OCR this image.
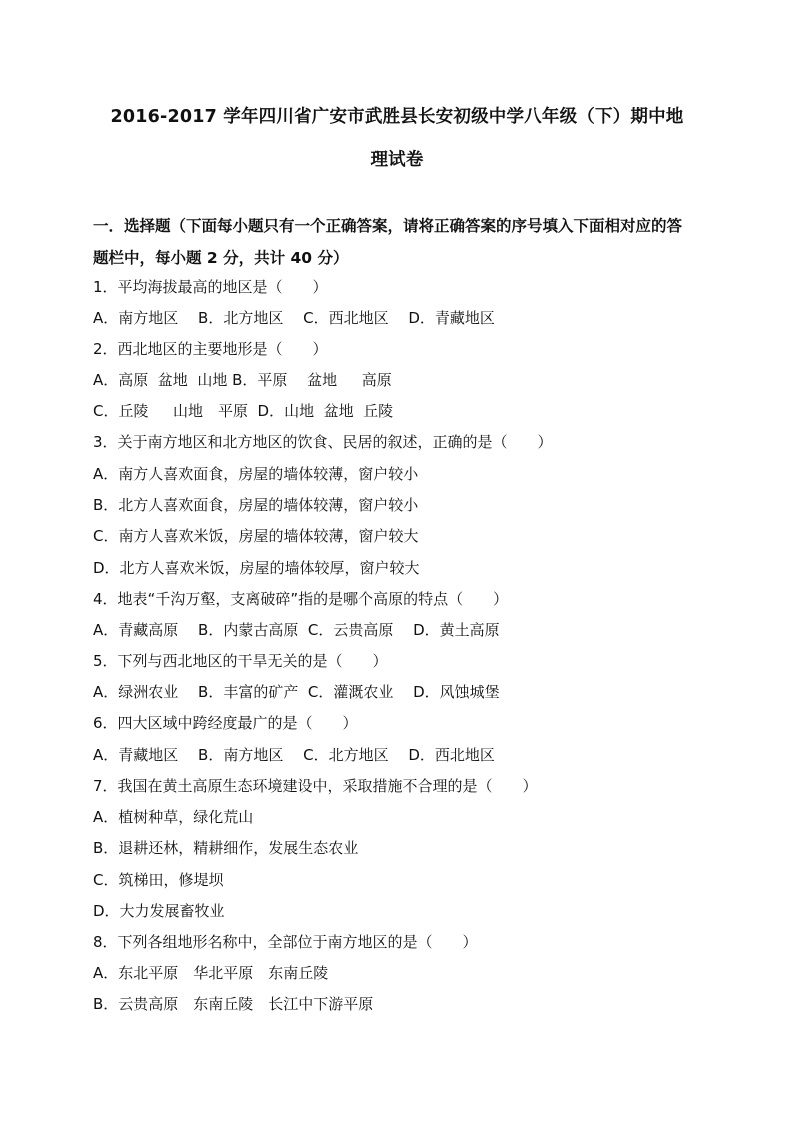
2016-2017 学年四川省广安市武胜县长安初级中学八年级（下）期中地
理试卷
一．选择题（下面每小题只有一个正确答案，请将正确答案的序号填入下面相对应的答
题栏中，每小题 2 分，共计 40 分）
1．平均海拔最高的地区是（　　）
A．南方地区　 B．北方地区　 C．西北地区　 D．青藏地区
2．西北地区的主要地形是（　　）
A．高原  盆地  山地 B．平原　 盆地　  高原
C．丘陵　  山地　平原  D．山地  盆地  丘陵
3．关于南方地区和北方地区的饮食、民居的叙述，正确的是（　　）
A．南方人喜欢面食，房屋的墙体较薄，窗户较小
B．北方人喜欢面食，房屋的墙体较薄，窗户较小
C．南方人喜欢米饭，房屋的墙体较薄，窗户较大
D．北方人喜欢米饭，房屋的墙体较厚，窗户较大
4．地表“千沟万壑，支离破碎”指的是哪个高原的特点（　　）
A．青藏高原　 B．内蒙古高原  C．云贵高原　 D．黄土高原
5．下列与西北地区的干旱无关的是（　　）
A．绿洲农业　 B．丰富的矿产  C．灌溉农业　 D．风蚀城堡
6．四大区域中跨经度最广的是（　　）
A．青藏地区　 B．南方地区　 C．北方地区　 D．西北地区
7．我国在黄土高原生态环境建设中，采取措施不合理的是（　　）
A．植树种草，绿化荒山
B．退耕还林，精耕细作，发展生态农业
C．筑梯田，修堤坝
D．大力发展畜牧业
8．下列各组地形名称中，全部位于南方地区的是（　　）
A．东北平原　华北平原　东南丘陵
B．云贵高原　东南丘陵　长江中下游平原
